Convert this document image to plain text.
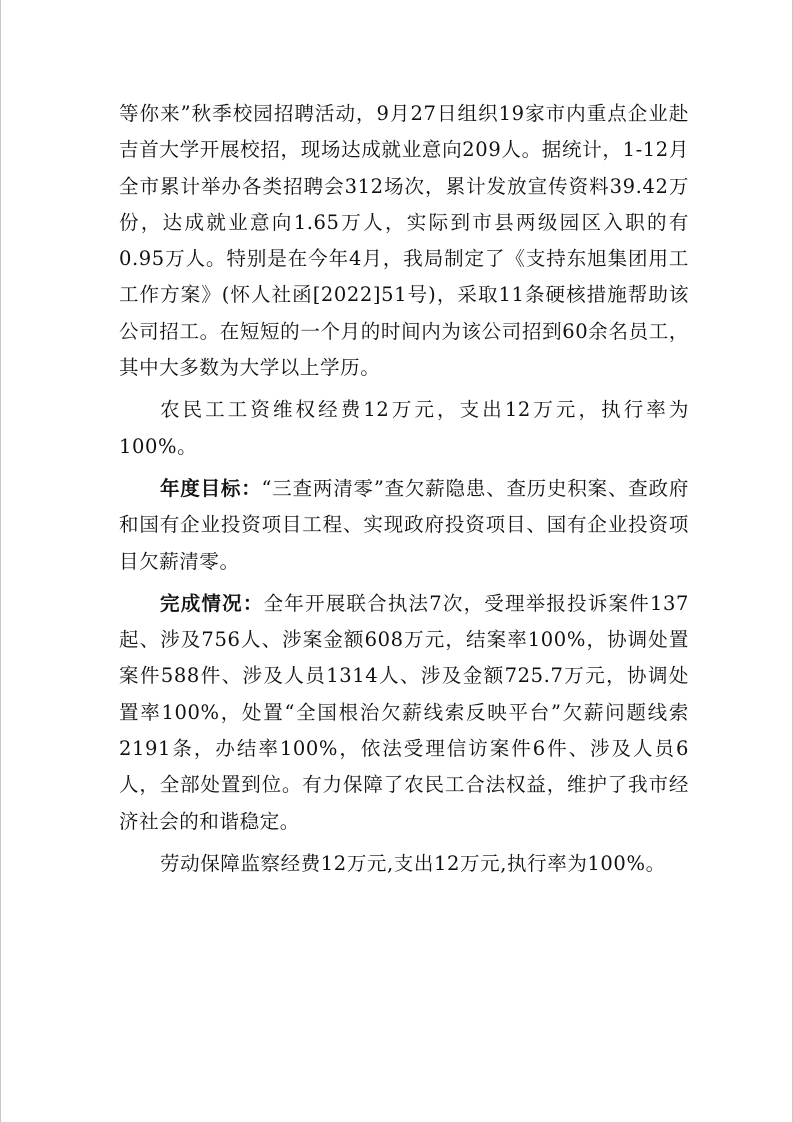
等你来”秋季校园招聘活动，9月27日组织19家市内重点企业赴吉首大学开展校招，现场达成就业意向209人。据统计，1-12月全市累计举办各类招聘会312场次，累计发放宣传资料39.42万份，达成就业意向1.65万人，实际到市县两级园区入职的有0.95万人。特别是在今年4月，我局制定了《支持东旭集团用工工作方案》(怀人社函[2022]51号)，采取11条硬核措施帮助该公司招工。在短短的一个月的时间内为该公司招到60余名员工，其中大多数为大学以上学历。

农民工工资维权经费12万元，支出12万元，执行率为100%。

年度目标：“三查两清零”查欠薪隐患、查历史积案、查政府和国有企业投资项目工程、实现政府投资项目、国有企业投资项目欠薪清零。

完成情况：全年开展联合执法7次，受理举报投诉案件137起、涉及756人、涉案金额608万元，结案率100%，协调处置案件588件、涉及人员1314人、涉及金额725.7万元，协调处置率100%，处置“全国根治欠薪线索反映平台”欠薪问题线索2191条，办结率100%，依法受理信访案件6件、涉及人员6人，全部处置到位。有力保障了农民工合法权益，维护了我市经济社会的和谐稳定。

劳动保障监察经费12万元,支出12万元,执行率为100%。
